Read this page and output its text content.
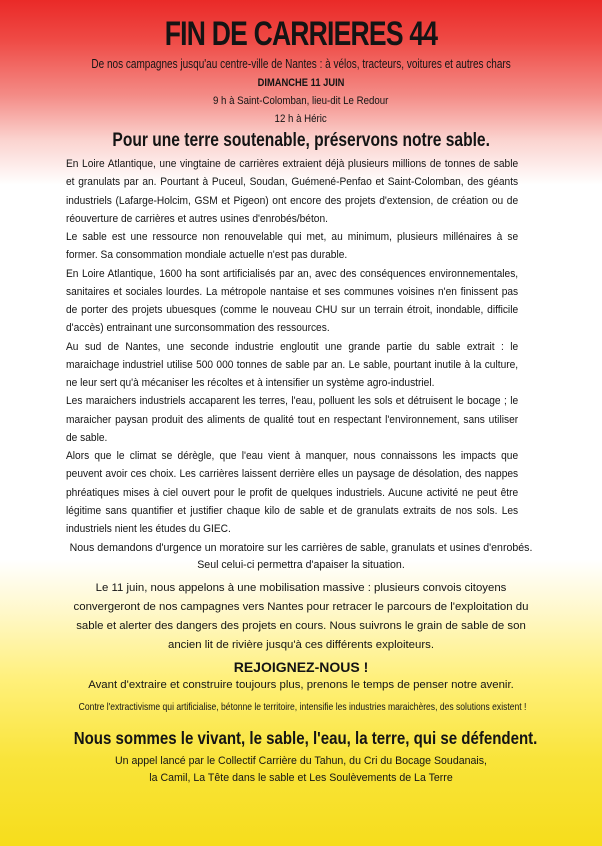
FIN DE CARRIERES 44
De nos campagnes jusqu'au centre-ville de Nantes : à vélos, tracteurs, voitures et autres chars
DIMANCHE 11 JUIN
9 h à Saint-Colomban, lieu-dit Le Redour
12 h à Héric
Pour une terre soutenable, préservons notre sable.

En Loire Atlantique, une vingtaine de carrières extraient déjà plusieurs millions de tonnes de sable et granulats par an. Pourtant à Puceul, Soudan, Guémené-Penfao et Saint-Colomban, des géants industriels (Lafarge-Holcim, GSM et Pigeon) ont encore des projets d'extension, de création ou de réouverture de carrières et autres usines d'enrobés/béton.

Le sable est une ressource non renouvelable qui met, au minimum, plusieurs millénaires à se former. Sa consommation mondiale actuelle n'est pas durable.

En Loire Atlantique, 1600 ha sont artificialisés par an, avec des conséquences environnementales, sanitaires et sociales lourdes. La métropole nantaise et ses communes voisines n'en finissent pas de porter des projets ubuesques (comme le nouveau CHU sur un terrain étroit, inondable, difficile d'accès) entrainant une surconsommation des ressources.

Au sud de Nantes, une seconde industrie engloutit une grande partie du sable extrait : le maraichage industriel utilise 500 000 tonnes de sable par an. Le sable, pourtant inutile à la culture, ne leur sert qu'à mécaniser les récoltes et à intensifier un système agro-industriel.

Les maraichers industriels accaparent les terres, l'eau, polluent les sols et détruisent le bocage ; le maraicher paysan produit des aliments de qualité tout en respectant l'environnement, sans utiliser de sable.

Alors que le climat se dérègle, que l'eau vient à manquer, nous connaissons les impacts que peuvent avoir ces choix. Les carrières laissent derrière elles un paysage de désolation, des nappes phréatiques mises à ciel ouvert pour le profit de quelques industriels. Aucune activité ne peut être légitime sans quantifier et justifier chaque kilo de sable et de granulats extraits de nos sols. Les industriels nient les études du GIEC.

Nous demandons d'urgence un moratoire sur les carrières de sable, granulats et usines d'enrobés.
Seul celui-ci permettra d'apaiser la situation.
Le 11 juin, nous appelons à une mobilisation massive : plusieurs convois citoyens convergeront de nos campagnes vers Nantes pour retracer le parcours de l'exploitation du sable et alerter des dangers des projets en cours. Nous suivrons le grain de sable de son ancien lit de rivière jusqu'à ces différents exploiteurs.
REJOIGNEZ-NOUS !
Avant d'extraire et construire toujours plus, prenons le temps de penser notre avenir.
Contre l'extractivisme qui artificialise, bétonne le territoire, intensifie les industries maraichères, des solutions existent !
Nous sommes le vivant, le sable, l'eau, la terre, qui se défendent.
Un appel lancé par le Collectif Carrière du Tahun, du Cri du Bocage Soudanais,
la Camil, La Tête dans le sable et Les Soulèvements de La Terre
